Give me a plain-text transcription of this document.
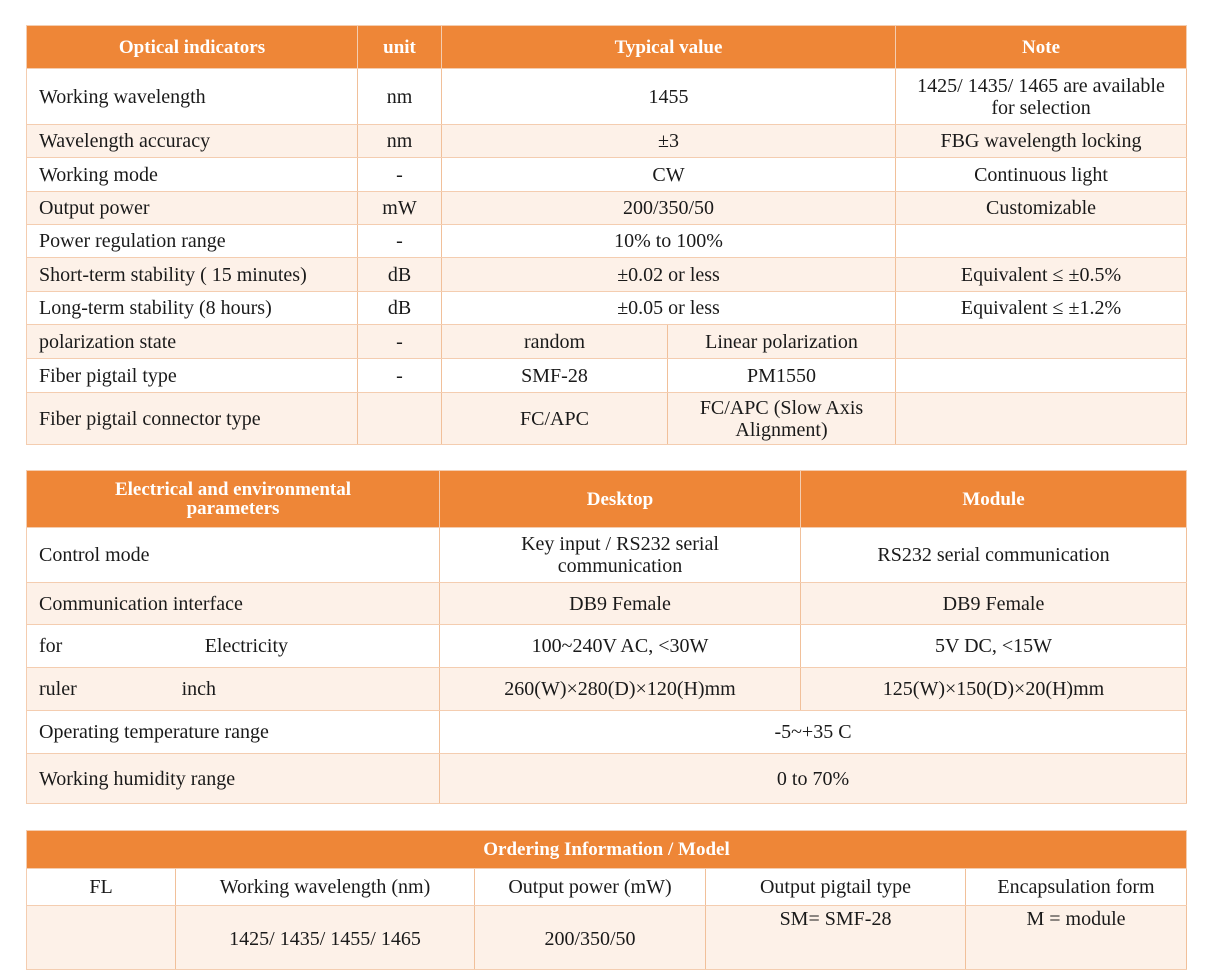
Optical indicators	unit	Typical value		Note
Working wavelength	nm	1455		1425/ 1435/ 1465 are available for selection
Wavelength accuracy	nm	±3		FBG wavelength locking
Working mode	-	CW		Continuous light
Output power	mW	200/350/50		Customizable
Power regulation range	-	10% to 100%		
Short-term stability ( 15 minutes)	dB	±0.02 or less		Equivalent ≤ ±0.5%
Long-term stability (8 hours)	dB	±0.05 or less		Equivalent ≤ ±1.2%
polarization state	-	random	Linear polarization	
Fiber pigtail type	-	SMF-28	PM1550	
Fiber pigtail connector type		FC/APC	FC/APC (Slow Axis Alignment)	
Electrical and environmental parameters	Desktop	Module
Control mode	Key input / RS232 serial communication	RS232 serial communication
Communication interface	DB9 Female	DB9 Female

for Electricity	100~240V AC, <30W	5V DC, <15W

ruler inch	260(W)×280(D)×120(H)mm	125(W)×150(D)×20(H)mm
Operating temperature range	-5~+35 C	
Working humidity range	0 to 70%	
Ordering Information / Model				
FL	Working wavelength (nm)	Output power (mW)	Output pigtail type	Encapsulation form
	1425/ 1435/ 1455/ 1465	200/350/50	SM= SMF-28	M = module
